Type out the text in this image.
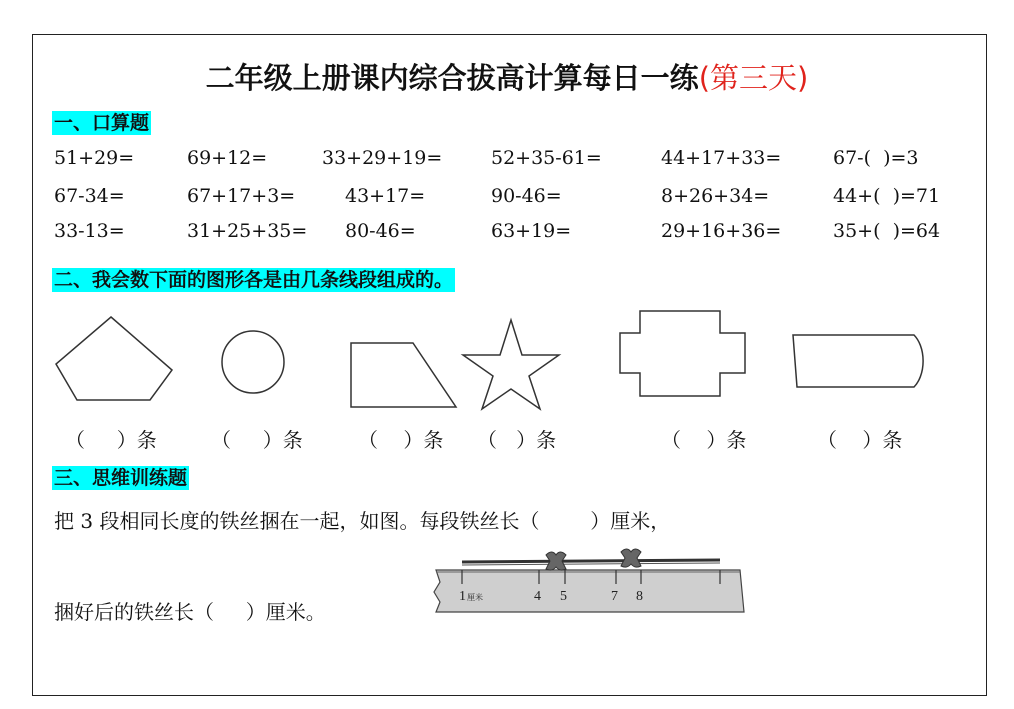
二年级上册课内综合拔高计算每日一练(第三天)
一、口算题
51+29=	69+12=	33+29+19=	52+35-61=	44+17+33=	67-(  )=3
67-34=	67+17+3=	43+17=	90-46=	8+26+34=	44+(  )=71
33-13=	31+25+35= 80-46=	63+19=	29+16+36=	35+(  )=64
二、我会数下面的图形各是由几条线段组成的。
（     ）条	（     ）条	（    ）条 （   ）条	（    ）条	（    ）条
三、思维训练题
把 3 段相同长度的铁丝捆在一起，如图。每段铁丝长（        ）厘米，
捆好后的铁丝长（     ）厘米。
1 厘米	4 5	7 8
